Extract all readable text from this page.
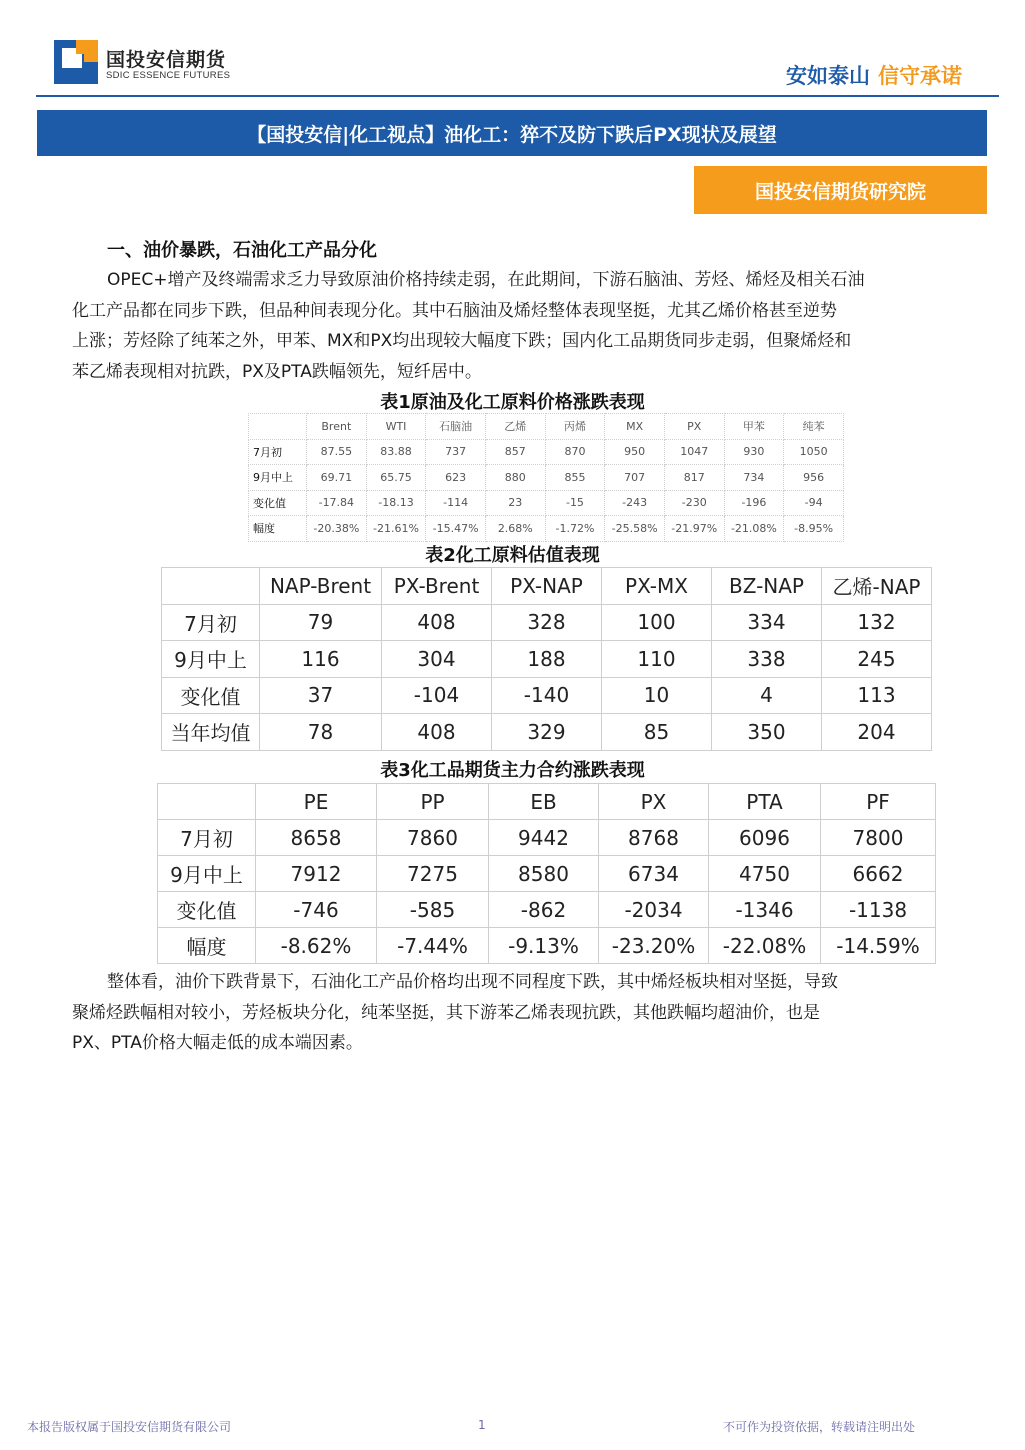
国投安信期货
SDIC ESSENCE FUTURES	安如泰山 信守承诺
【国投安信|化工视点】油化工：猝不及防下跌后PX现状及展望
国投安信期货研究院
一、油价暴跌，石油化工产品分化
OPEC+增产及终端需求乏力导致原油价格持续走弱，在此期间，下游石脑油、芳烃、烯烃及相关石油
化工产品都在同步下跌，但品种间表现分化。其中石脑油及烯烃整体表现坚挺，尤其乙烯价格甚至逆势
上涨；芳烃除了纯苯之外，甲苯、MX和PX均出现较大幅度下跌；国内化工品期货同步走弱，但聚烯烃和
苯乙烯表现相对抗跌，PX及PTA跌幅领先，短纤居中。
表1原油及化工原料价格涨跌表现
	Brent	WTI	石脑油	乙烯	丙烯	MX	PX	甲苯	纯苯
7月初	87.55	83.88	737	857	870	950	1047	930	1050
9月中上	69.71	65.75	623	880	855	707	817	734	956
变化值	-17.84	-18.13	-114	23	-15	-243	-230	-196	-94
幅度	-20.38%	-21.61%	-15.47%	2.68%	-1.72%	-25.58%	-21.97%	-21.08%	-8.95%
表2化工原料估值表现
	NAP-Brent	PX-Brent	PX-NAP	PX-MX	BZ-NAP	乙烯-NAP
7月初	79	408	328	100	334	132
9月中上	116	304	188	110	338	245
变化值	37	-104	-140	10	4	113
当年均值	78	408	329	85	350	204
表3化工品期货主力合约涨跌表现
	PE	PP	EB	PX	PTA	PF
7月初	8658	7860	9442	8768	6096	7800
9月中上	7912	7275	8580	6734	4750	6662
变化值	-746	-585	-862	-2034	-1346	-1138
幅度	-8.62%	-7.44%	-9.13%	-23.20%	-22.08%	-14.59%
整体看，油价下跌背景下，石油化工产品价格均出现不同程度下跌，其中烯烃板块相对坚挺，导致
聚烯烃跌幅相对较小，芳烃板块分化，纯苯坚挺，其下游苯乙烯表现抗跌，其他跌幅均超油价，也是
PX、PTA价格大幅走低的成本端因素。
本报告版权属于国投安信期货有限公司	1	不可作为投资依据，转载请注明出处
